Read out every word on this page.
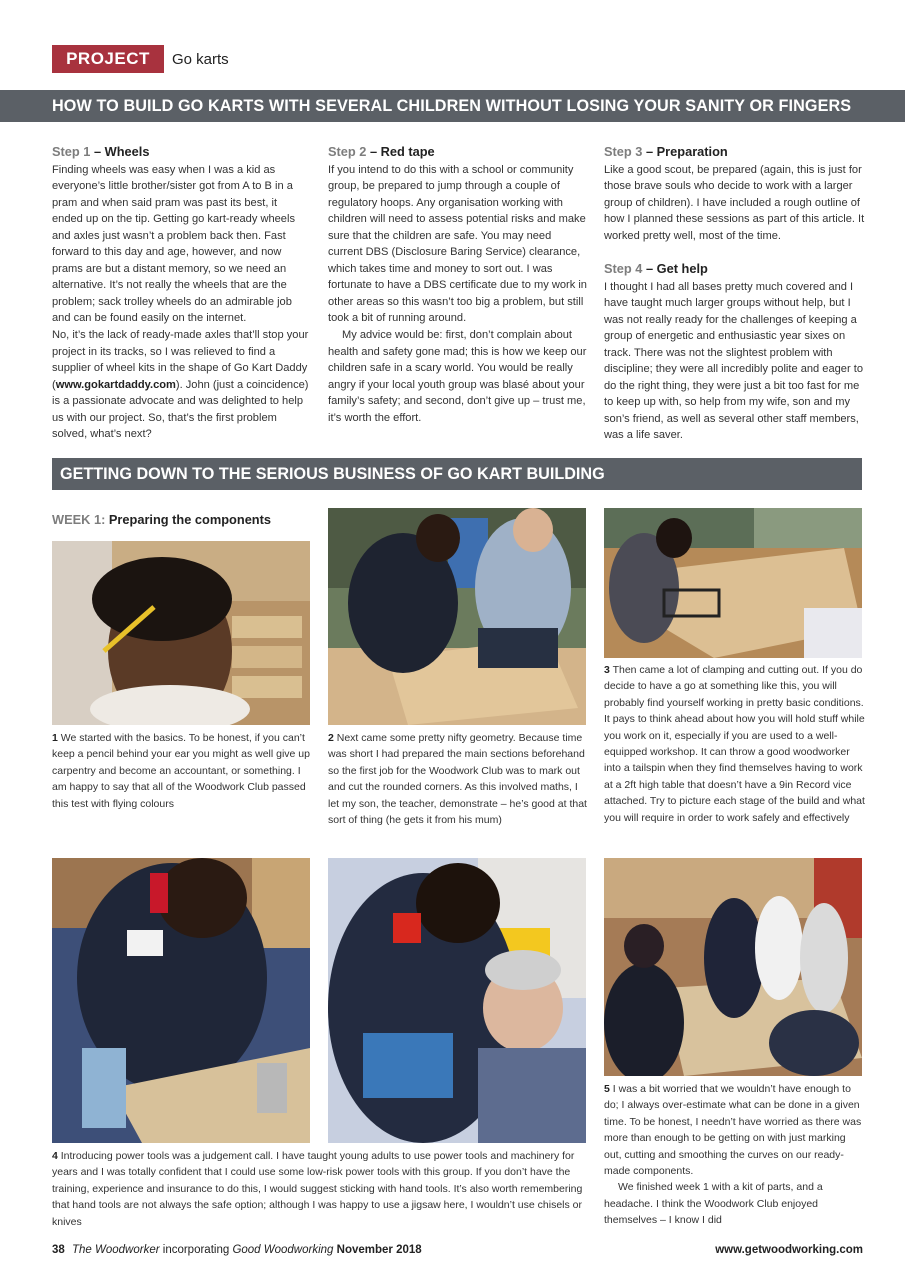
PROJECT	Go karts
HOW TO BUILD GO KARTS WITH SEVERAL CHILDREN WITHOUT LOSING YOUR SANITY OR FINGERS
Step 1 – Wheels

Finding wheels was easy when I was a kid as everyone’s little brother/sister got from A to B in a pram and when said pram was past its best, it ended up on the tip. Getting go kart-ready wheels and axles just wasn’t a problem back then. Fast forward to this day and age, however, and now prams are but a distant memory, so we need an alternative. It’s not really the wheels that are the problem; sack trolley wheels do an admirable job and can be found easily on the internet.

No, it’s the lack of ready-made axles that’ll stop your project in its tracks, so I was relieved to find a supplier of wheel kits in the shape of Go Kart Daddy (www.gokartdaddy.com). John (just a coincidence) is a passionate advocate and was delighted to help us with our project. So, that’s the first problem solved, what’s next?

Step 2 – Red tape

If you intend to do this with a school or community group, be prepared to jump through a couple of regulatory hoops. Any organisation working with children will need to assess potential risks and make sure that the children are safe. You may need current DBS (Disclosure Baring Service) clearance, which takes time and money to sort out. I was fortunate to have a DBS certificate due to my work in other areas so this wasn’t too big a problem, but still took a bit of running around.

My advice would be: first, don’t complain about health and safety gone mad; this is how we keep our children safe in a scary world. You would be really angry if your local youth group was blasé about your family’s safety; and second, don’t give up – trust me, it’s worth the effort.

Step 3 – Preparation

Like a good scout, be prepared (again, this is just for those brave souls who decide to work with a larger group of children). I have included a rough outline of how I planned these sessions as part of this article. It worked pretty well, most of the time.

Step 4 – Get help

I thought I had all bases pretty much covered and I have taught much larger groups without help, but I was not really ready for the challenges of keeping a group of energetic and enthusiastic year sixes on track. There was not the slightest problem with discipline; they were all incredibly polite and eager to do the right thing, they were just a bit too fast for me to keep up with, so help from my wife, son and my son’s friend, as well as several other staff members, was a life saver.

GETTING DOWN TO THE SERIOUS BUSINESS OF GO KART BUILDING
WEEK 1: Preparing the components

1 We started with the basics. To be honest, if you can’t keep a pencil behind your ear you might as well give up carpentry and become an accountant, or something. I am happy to say that all of the Woodwork Club passed this test with flying colours

2 Next came some pretty nifty geometry. Because time was short I had prepared the main sections beforehand so the first job for the Woodwork Club was to mark out and cut the rounded corners. As this involved maths, I let my son, the teacher, demonstrate – he’s good at that sort of thing (he gets it from his mum)

3 Then came a lot of clamping and cutting out. If you do decide to have a go at something like this, you will probably find yourself working in pretty basic conditions. It pays to think ahead about how you will hold stuff while you work on it, especially if you are used to a well-equipped workshop. It can throw a good woodworker into a tailspin when they find themselves having to work at a 2ft high table that doesn’t have a 9in Record vice attached. Try to picture each stage of the build and what you will require in order to work safely and effectively

4 Introducing power tools was a judgement call. I have taught young adults to use power tools and machinery for years and I was totally confident that I could use some low-risk power tools with this group. If you don’t have the training, experience and insurance to do this, I would suggest sticking with hand tools. It’s also worth remembering that hand tools are not always the safe option; although I was happy to use a jigsaw here, I wouldn’t use chisels or knives

5 I was a bit worried that we wouldn’t have enough to do; I always over-estimate what can be done in a given time. To be honest, I needn’t have worried as there was more than enough to be getting on with just marking out, cutting and smoothing the curves on our ready-made components.

We finished week 1 with a kit of parts, and a headache. I think the Woodwork Club enjoyed themselves – I know I did

38 The Woodworker incorporating Good Woodworking November 2018	www.getwoodworking.com
